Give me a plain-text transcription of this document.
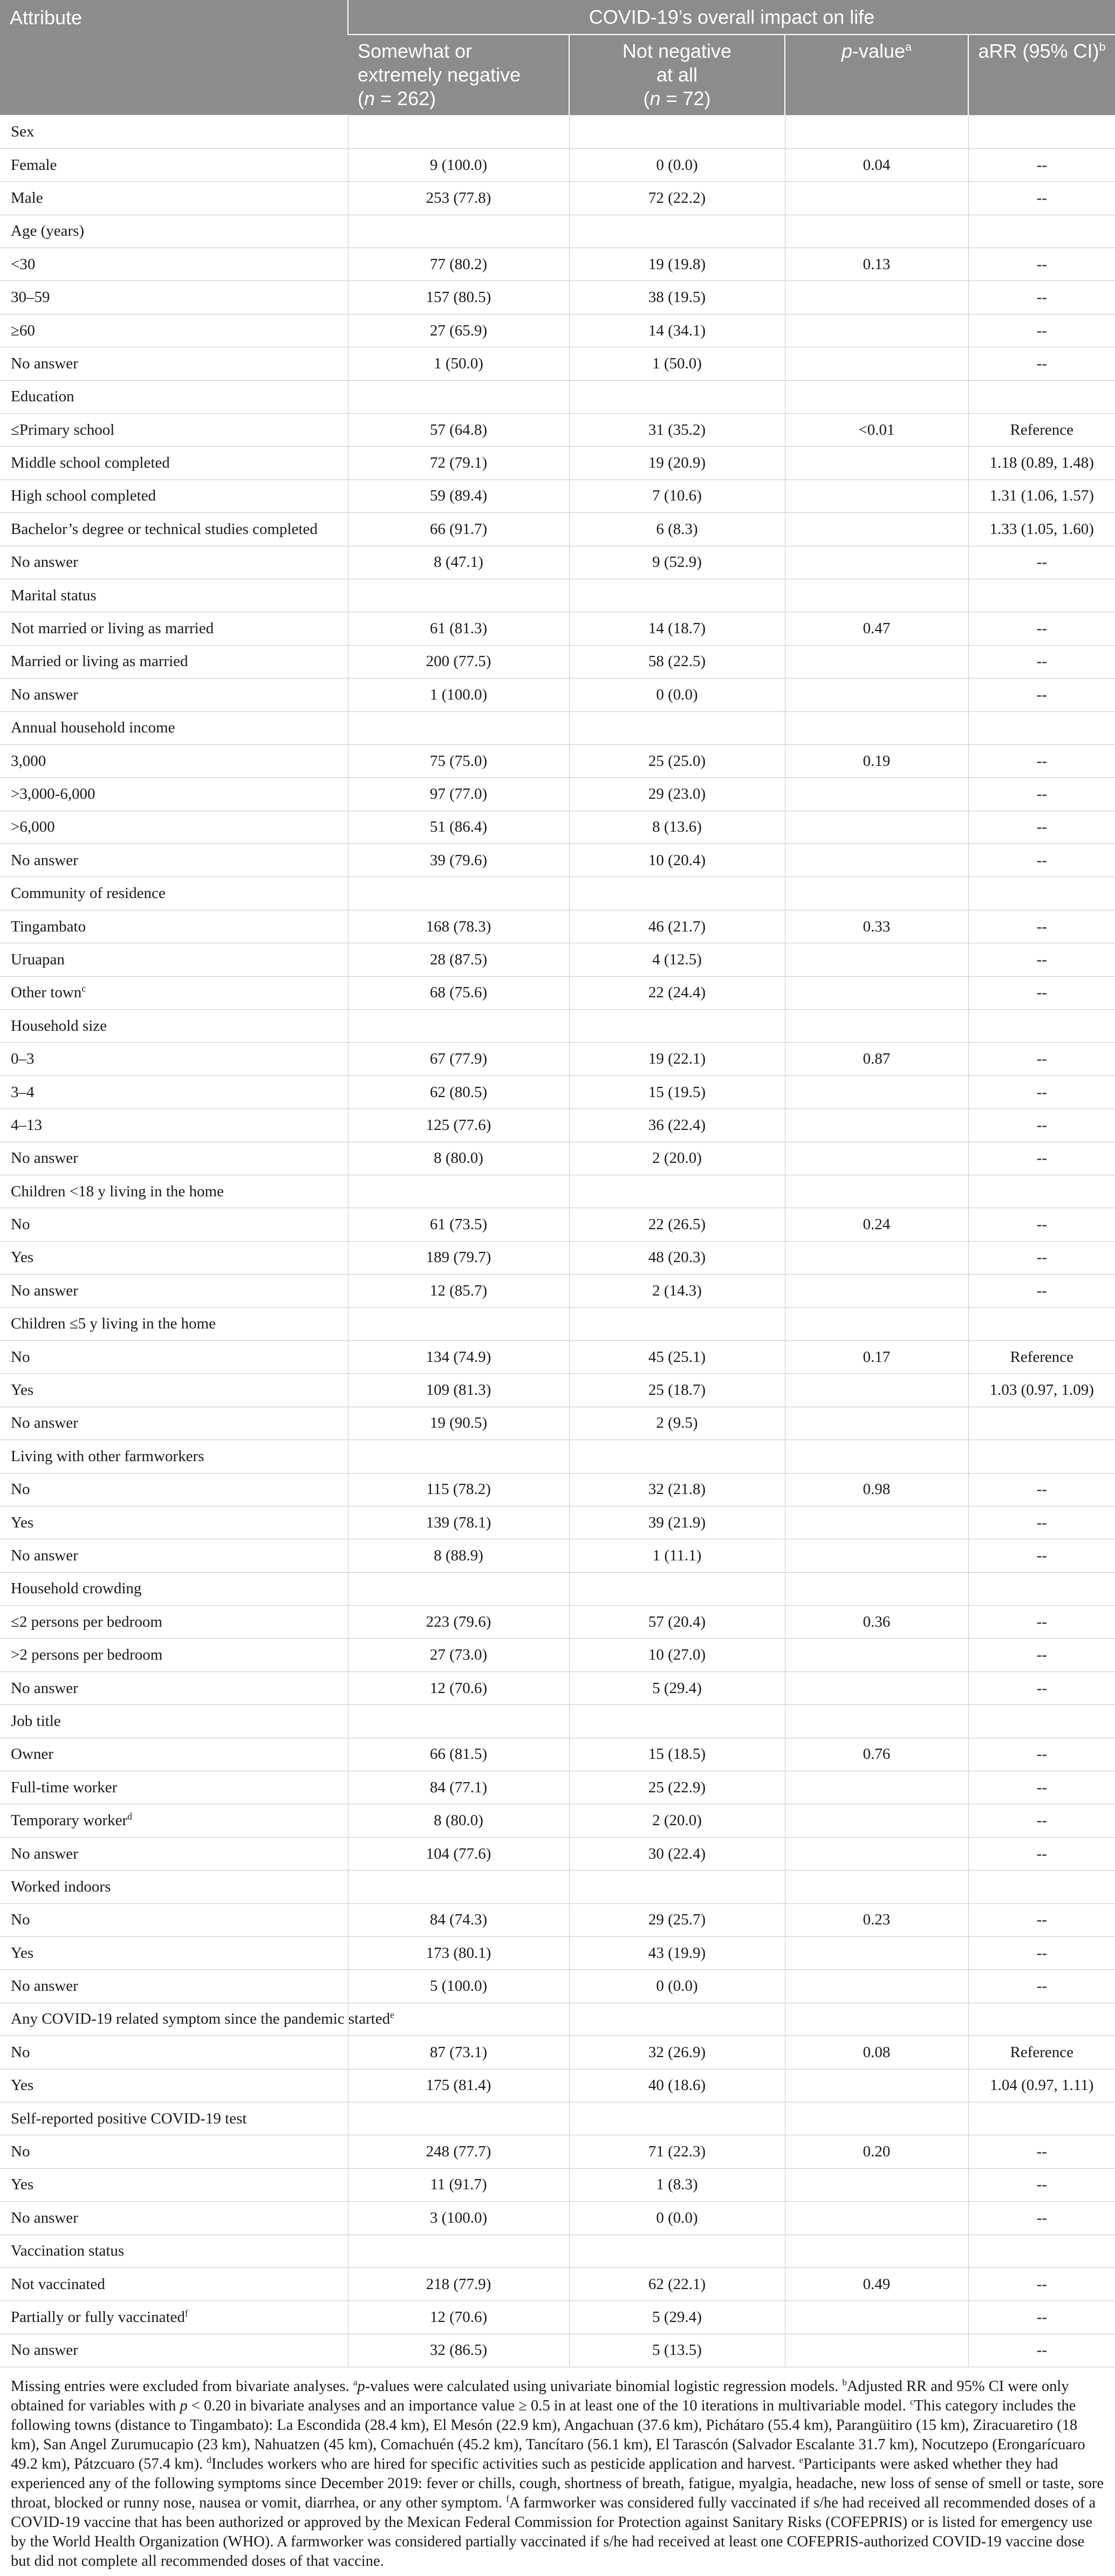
Attribute	COVID-19’s overall impact on life			
	Somewhat or
extremely negative
(n = 262)	Not negative
at all
(n = 72)	p-value$^a$	aRR (95% CI)$^b$
Sex				
Female	9 (100.0)	0 (0.0)	0.04	--
Male	253 (77.8)	72 (22.2)		--
Age (years)				
<30	77 (80.2)	19 (19.8)	0.13	--
30–59	157 (80.5)	38 (19.5)		--
≥60	27 (65.9)	14 (34.1)		--
No answer	1 (50.0)	1 (50.0)		--
Education				
≤Primary school	57 (64.8)	31 (35.2)	<0.01	Reference
Middle school completed	72 (79.1)	19 (20.9)		1.18 (0.89, 1.48)
High school completed	59 (89.4)	7 (10.6)		1.31 (1.06, 1.57)
Bachelor’s degree or technical studies completed	66 (91.7)	6 (8.3)		1.33 (1.05, 1.60)
No answer	8 (47.1)	9 (52.9)		--
Marital status				
Not married or living as married	61 (81.3)	14 (18.7)	0.47	--
Married or living as married	200 (77.5)	58 (22.5)		--
No answer	1 (100.0)	0 (0.0)		--
Annual household income				
3,000	75 (75.0)	25 (25.0)	0.19	--
>3,000-6,000	97 (77.0)	29 (23.0)		--
>6,000	51 (86.4)	8 (13.6)		--
No answer	39 (79.6)	10 (20.4)		--
Community of residence				
Tingambato	168 (78.3)	46 (21.7)	0.33	--
Uruapan	28 (87.5)	4 (12.5)		--
Other town$^c$	68 (75.6)	22 (24.4)		--
Household size				
0–3	67 (77.9)	19 (22.1)	0.87	--
3–4	62 (80.5)	15 (19.5)		--
4–13	125 (77.6)	36 (22.4)		--
No answer	8 (80.0)	2 (20.0)		--
Children <18 y living in the home				
No	61 (73.5)	22 (26.5)	0.24	--
Yes	189 (79.7)	48 (20.3)		--
No answer	12 (85.7)	2 (14.3)		--
Children ≤5 y living in the home				
No	134 (74.9)	45 (25.1)	0.17	Reference
Yes	109 (81.3)	25 (18.7)		1.03 (0.97, 1.09)
No answer	19 (90.5)	2 (9.5)		
Living with other farmworkers				
No	115 (78.2)	32 (21.8)	0.98	--
Yes	139 (78.1)	39 (21.9)		--
No answer	8 (88.9)	1 (11.1)		--
Household crowding				
≤2 persons per bedroom	223 (79.6)	57 (20.4)	0.36	--
>2 persons per bedroom	27 (73.0)	10 (27.0)		--
No answer	12 (70.6)	5 (29.4)		--
Job title				
Owner	66 (81.5)	15 (18.5)	0.76	--
Full-time worker	84 (77.1)	25 (22.9)		--
Temporary worker$^d$	8 (80.0)	2 (20.0)		--
No answer	104 (77.6)	30 (22.4)		--
Worked indoors				
No	84 (74.3)	29 (25.7)	0.23	--
Yes	173 (80.1)	43 (19.9)		--
No answer	5 (100.0)	0 (0.0)		--
Any COVID-19 related symptom since the pandemic started$^e$				
No	87 (73.1)	32 (26.9)	0.08	Reference
Yes	175 (81.4)	40 (18.6)		1.04 (0.97, 1.11)
Self-reported positive COVID-19 test				
No	248 (77.7)	71 (22.3)	0.20	--
Yes	11 (91.7)	1 (8.3)		--
No answer	3 (100.0)	0 (0.0)		--
Vaccination status				
Not vaccinated	218 (77.9)	62 (22.1)	0.49	--
Partially or fully vaccinated$^f$	12 (70.6)	5 (29.4)		--
No answer	32 (86.5)	5 (13.5)		--
Missing entries were excluded from bivariate analyses. $^a$p-values were calculated using univariate binomial logistic regression models. $^b$Adjusted RR and 95% CI were only obtained for variables with p < 0.20 in bivariate analyses and an importance value ≥ 0.5 in at least one of the 10 iterations in multivariable model. $^c$This category includes the following towns (distance to Tingambato): La Escondida (28.4 km), El Mesón (22.9 km), Angachuan (37.6 km), Pichátaro (55.4 km), Parangüitiro (15 km), Ziracuaretiro (18 km), San Angel Zurumucapio (23 km), Nahuatzen (45 km), Comachuén (45.2 km), Tancítaro (56.1 km), El Tarascón (Salvador Escalante 31.7 km), Nocutzepo (Erongarícuaro 49.2 km), Pátzcuaro (57.4 km). $^d$Includes workers who are hired for specific activities such as pesticide application and harvest. $^e$Participants were asked whether they had experienced any of the following symptoms since December 2019: fever or chills, cough, shortness of breath, fatigue, myalgia, headache, new loss of sense of smell or taste, sore throat, blocked or runny nose, nausea or vomit, diarrhea, or any other symptom. $^f$A farmworker was considered fully vaccinated if s/he had received all recommended doses of a COVID-19 vaccine that has been authorized or approved by the Mexican Federal Commission for Protection against Sanitary Risks (COFEPRIS) or is listed for emergency use by the World Health Organization (WHO). A farmworker was considered partially vaccinated if s/he had received at least one COFEPRIS-authorized COVID-19 vaccine dose but did not complete all recommended doses of that vaccine.
